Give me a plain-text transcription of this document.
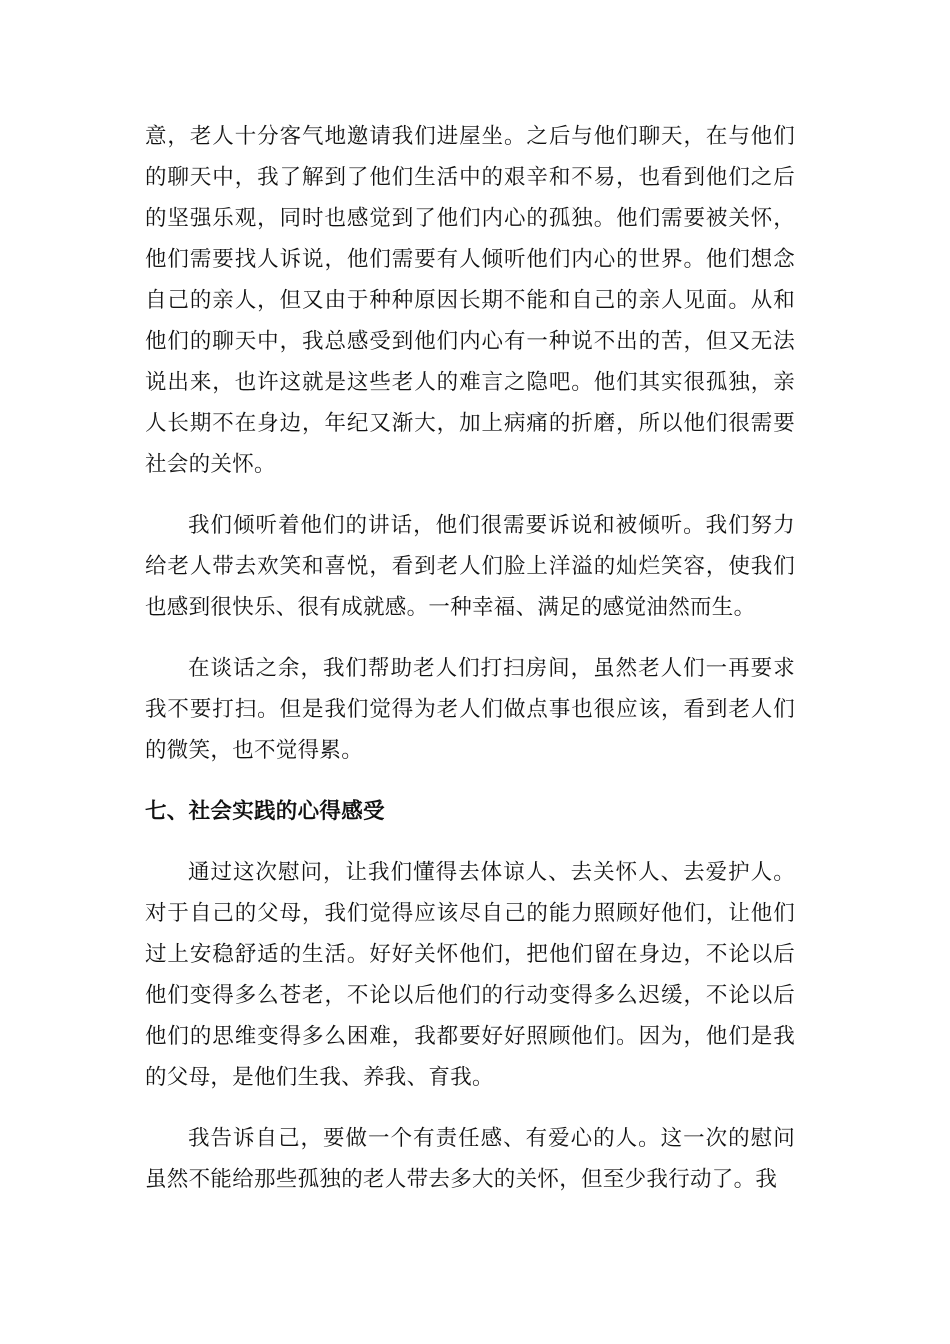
意，老人十分客气地邀请我们进屋坐。之后与他们聊天，在与他们的聊天中，我了解到了他们生活中的艰辛和不易，也看到他们之后的坚强乐观，同时也感觉到了他们内心的孤独。他们需要被关怀，他们需要找人诉说，他们需要有人倾听他们内心的世界。他们想念自己的亲人，但又由于种种原因长期不能和自己的亲人见面。从和他们的聊天中，我总感受到他们内心有一种说不出的苦，但又无法说出来，也许这就是这些老人的难言之隐吧。他们其实很孤独，亲人长期不在身边，年纪又渐大，加上病痛的折磨，所以他们很需要社会的关怀。

我们倾听着他们的讲话，他们很需要诉说和被倾听。我们努力给老人带去欢笑和喜悦，看到老人们脸上洋溢的灿烂笑容，使我们也感到很快乐、很有成就感。一种幸福、满足的感觉油然而生。

在谈话之余，我们帮助老人们打扫房间，虽然老人们一再要求我不要打扫。但是我们觉得为老人们做点事也很应该，看到老人们的微笑，也不觉得累。

七、社会实践的心得感受

通过这次慰问，让我们懂得去体谅人、去关怀人、去爱护人。对于自己的父母，我们觉得应该尽自己的能力照顾好他们，让他们过上安稳舒适的生活。好好关怀他们，把他们留在身边，不论以后他们变得多么苍老，不论以后他们的行动变得多么迟缓，不论以后他们的思维变得多么困难，我都要好好照顾他们。因为，他们是我的父母，是他们生我、养我、育我。

我告诉自己，要做一个有责任感、有爱心的人。这一次的慰问虽然不能给那些孤独的老人带去多大的关怀，但至少我行动了。我
